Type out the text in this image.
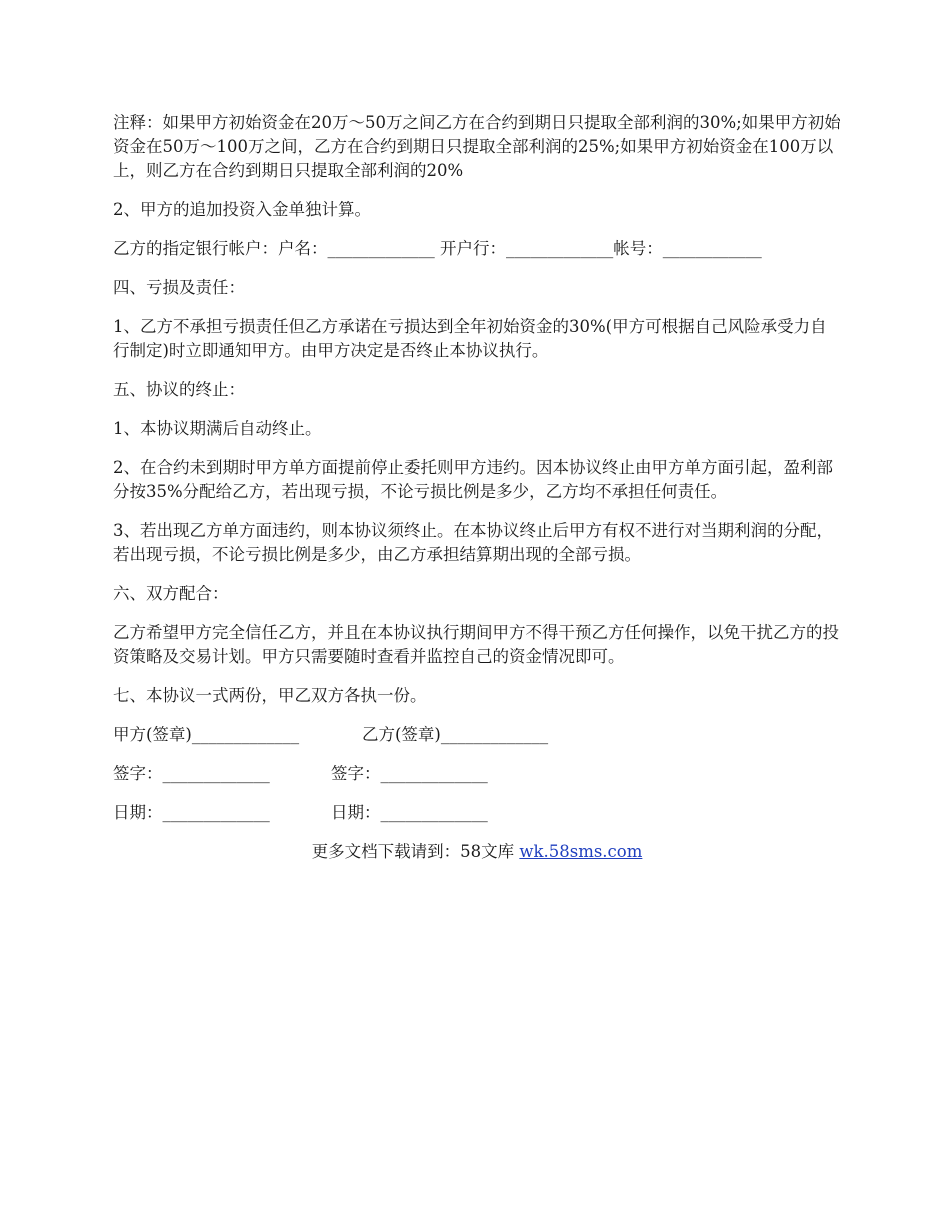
注释：如果甲方初始资金在20万～50万之间乙方在合约到期日只提取全部利润的30%;如果甲方初始资金在50万～100万之间，乙方在合约到期日只提取全部利润的25%;如果甲方初始资金在100万以上，则乙方在合约到期日只提取全部利润的20%

2、甲方的追加投资入金单独计算。

乙方的指定银行帐户：户名：_____________ 开户行：_____________帐号：____________

四、亏损及责任：

1、乙方不承担亏损责任但乙方承诺在亏损达到全年初始资金的30%(甲方可根据自己风险承受力自行制定)时立即通知甲方。由甲方决定是否终止本协议执行。

五、协议的终止：

1、本协议期满后自动终止。

2、在合约未到期时甲方单方面提前停止委托则甲方违约。因本协议终止由甲方单方面引起，盈利部分按35%分配给乙方，若出现亏损，不论亏损比例是多少，乙方均不承担任何责任。

3、若出现乙方单方面违约，则本协议须终止。在本协议终止后甲方有权不进行对当期利润的分配，若出现亏损，不论亏损比例是多少，由乙方承担结算期出现的全部亏损。

六、双方配合：

乙方希望甲方完全信任乙方，并且在本协议执行期间甲方不得干预乙方任何操作，以免干扰乙方的投资策略及交易计划。甲方只需要随时查看并监控自己的资金情况即可。

七、本协议一式两份，甲乙双方各执一份。

甲方(签章)_____________	乙方(签章)_____________
签字：_____________	签字：_____________
日期：_____________	日期：_____________
更多文档下载请到：58文库 wk.58sms.com
